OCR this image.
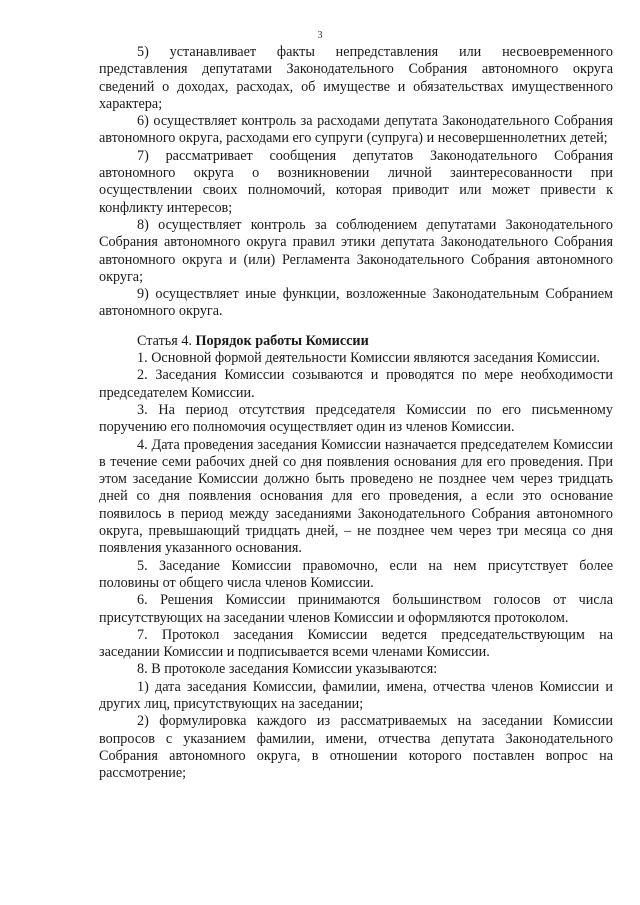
3

5) устанавливает факты непредставления или несвоевременного представления депутатами Законодательного Собрания автономного округа сведений о доходах, расходах, об имуществе и обязательствах имущественного характера;

6) осуществляет контроль за расходами депутата Законодательного Собрания автономного округа, расходами его супруги (супруга) и несовершеннолетних детей;

7) рассматривает сообщения депутатов Законодательного Собрания автономного округа о возникновении личной заинтересованности при осуществлении своих полномочий, которая приводит или может привести к конфликту интересов;

8) осуществляет контроль за соблюдением депутатами Законодательного Собрания автономного округа правил этики депутата Законодательного Собрания автономного округа и (или) Регламента Законодательного Собрания автономного округа;

9) осуществляет иные функции, возложенные Законодательным Собранием автономного округа.

Статья 4. Порядок работы Комиссии

1. Основной формой деятельности Комиссии являются заседания Комиссии.

2. Заседания Комиссии созываются и проводятся по мере необходимости председателем Комиссии.

3. На период отсутствия председателя Комиссии по его письменному поручению его полномочия осуществляет один из членов Комиссии.

4. Дата проведения заседания Комиссии назначается председателем Комиссии в течение семи рабочих дней со дня появления основания для его проведения. При этом заседание Комиссии должно быть проведено не позднее чем через тридцать дней со дня появления основания для его проведения, а если это основание появилось в период между заседаниями Законодательного Собрания автономного округа, превышающий тридцать дней, – не позднее чем через три месяца со дня появления указанного основания.

5. Заседание Комиссии правомочно, если на нем присутствует более половины от общего числа членов Комиссии.

6. Решения Комиссии принимаются большинством голосов от числа присутствующих на заседании членов Комиссии и оформляются протоколом.

7. Протокол заседания Комиссии ведется председательствующим на заседании Комиссии и подписывается всеми членами Комиссии.

8. В протоколе заседания Комиссии указываются:

1) дата заседания Комиссии, фамилии, имена, отчества членов Комиссии и других лиц, присутствующих на заседании;

2) формулировка каждого из рассматриваемых на заседании Комиссии вопросов с указанием фамилии, имени, отчества депутата Законодательного Собрания автономного округа, в отношении которого поставлен вопрос на рассмотрение;
